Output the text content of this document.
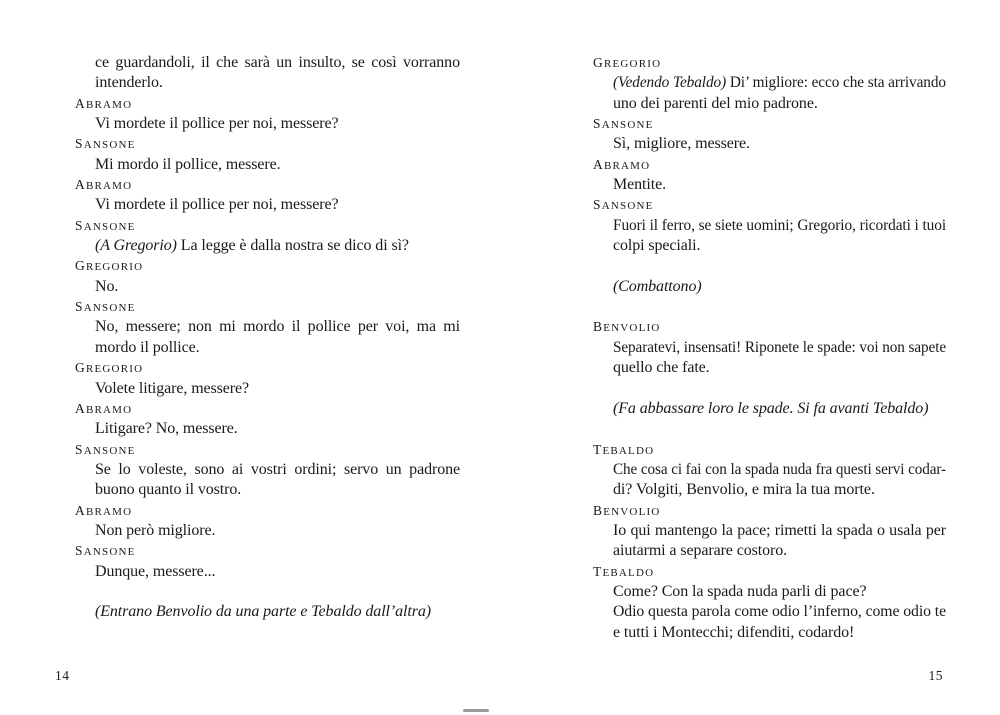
ce guardandoli, il che sarà un insulto, se così vorranno
intenderlo.
ABRAMO
Vi mordete il pollice per noi, messere?
SANSONE
Mi mordo il pollice, messere.
ABRAMO
Vi mordete il pollice per noi, messere?
SANSONE
(A Gregorio) La legge è dalla nostra se dico di sì?
GREGORIO
No.
SANSONE
No, messere; non mi mordo il pollice per voi, ma mi
mordo il pollice.
GREGORIO
Volete litigare, messere?
ABRAMO
Litigare? No, messere.
SANSONE
Se lo voleste, sono ai vostri ordini; servo un padrone
buono quanto il vostro.
ABRAMO
Non però migliore.
SANSONE
Dunque, messere...
(Entrano Benvolio da una parte e Tebaldo dall’altra)
GREGORIO
(Vedendo Tebaldo) Di’ migliore: ecco che sta arrivando
uno dei parenti del mio padrone.
SANSONE
Sì, migliore, messere.
ABRAMO
Mentite.
SANSONE
Fuori il ferro, se siete uomini; Gregorio, ricordati i tuoi
colpi speciali.
(Combattono)
BENVOLIO
Separatevi, insensati! Riponete le spade: voi non sapete
quello che fate.
(Fa abbassare loro le spade. Si fa avanti Tebaldo)
TEBALDO
Che cosa ci fai con la spada nuda fra questi servi codar-
di? Volgiti, Benvolio, e mira la tua morte.
BENVOLIO
Io qui mantengo la pace; rimetti la spada o usala per
aiutarmi a separare costoro.
TEBALDO
Come? Con la spada nuda parli di pace?
Odio questa parola come odio l’inferno, come odio te
e tutti i Montecchi; difenditi, codardo!
14	15
